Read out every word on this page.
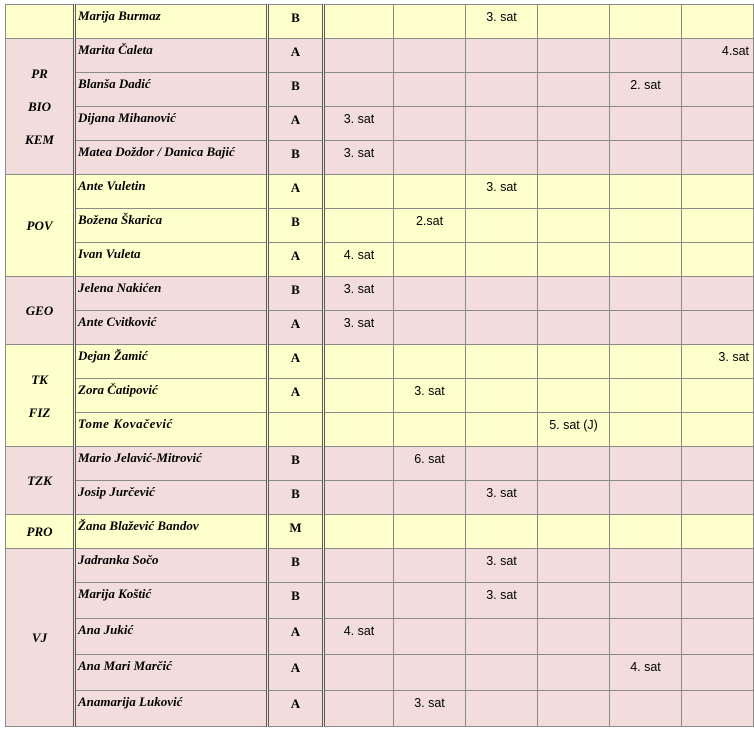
	Marija Burmaz	B			3. sat			

PR
BIO
KEM	Marita Čaleta	A						4.sat
	Blanša Dadić	B					2. sat	
	Dijana Mihanović	A	3. sat					
	Matea Doždor / Danica Bajić	B	3. sat					

POV	Ante Vuletin	A			3. sat			
	Božena Škarica	B		2.sat				
	Ivan Vuleta	A	4. sat					

GEO	Jelena Nakićen	B	3. sat					
	Ante Cvitković	A	3. sat					

TK
FIZ	Dejan Žamić	A						3. sat
	Zora Čatipović	A		3. sat				
	Tome Kovačević					5. sat (J)		

TZK	Mario Jelavić-Mitrović	B		6. sat				
	Josip Jurčević	B			3. sat			

PRO	Žana Blažević Bandov	M						

VJ	Jadranka Sočo	B			3. sat			
	Marija Koštić	B			3. sat			
	Ana Jukić	A	4. sat					
	Ana Mari Marčić	A					4. sat	
	Anamarija Luković	A		3. sat				
